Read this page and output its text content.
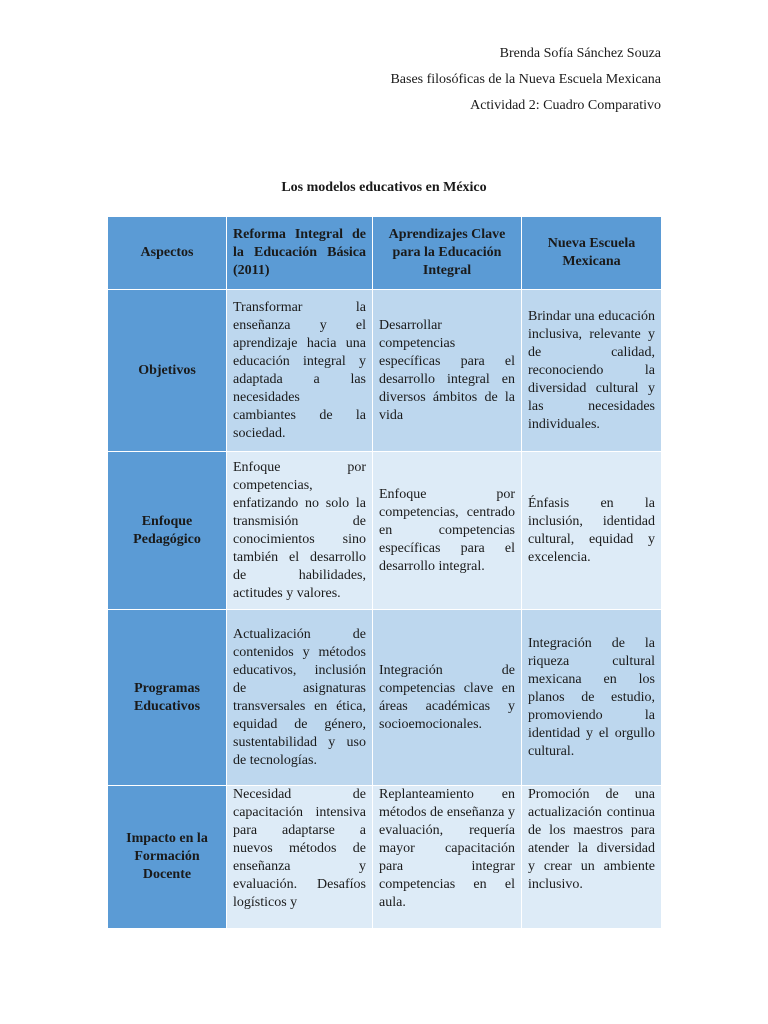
Brenda Sofía Sánchez Souza
Bases filosóficas de la Nueva Escuela Mexicana
Actividad 2: Cuadro Comparativo
Los modelos educativos en México
Aspectos	Reforma Integral de la Educación Básica (2011)	Aprendizajes Clave para la Educación Integral	Nueva Escuela Mexicana
Objetivos	Transformar la enseñanza y el aprendizaje hacia una educación integral y adaptada a las necesidades cambiantes de la sociedad.	Desarrollar competencias específicas para el desarrollo integral en diversos ámbitos de la vida	Brindar una educación inclusiva, relevante y de calidad, reconociendo la diversidad cultural y las necesidades individuales.
Enfoque Pedagógico	Enfoque por competencias, enfatizando no solo la transmisión de conocimientos sino también el desarrollo de habilidades, actitudes y valores.	Enfoque por competencias, centrado en competencias específicas para el desarrollo integral.	Énfasis en la inclusión, identidad cultural, equidad y excelencia.
Programas Educativos	Actualización de contenidos y métodos educativos, inclusión de asignaturas transversales en ética, equidad de género, sustentabilidad y uso de tecnologías.	Integración de competencias clave en áreas académicas y socioemocionales.	Integración de la riqueza cultural mexicana en los planos de estudio, promoviendo la identidad y el orgullo cultural.
Impacto en la Formación Docente	Necesidad de capacitación intensiva para adaptarse a nuevos métodos de enseñanza y evaluación. Desafíos logísticos y	Replanteamiento en métodos de enseñanza y evaluación, requería mayor capacitación para integrar competencias en el aula.	Promoción de una actualización continua de los maestros para atender la diversidad y crear un ambiente inclusivo.
